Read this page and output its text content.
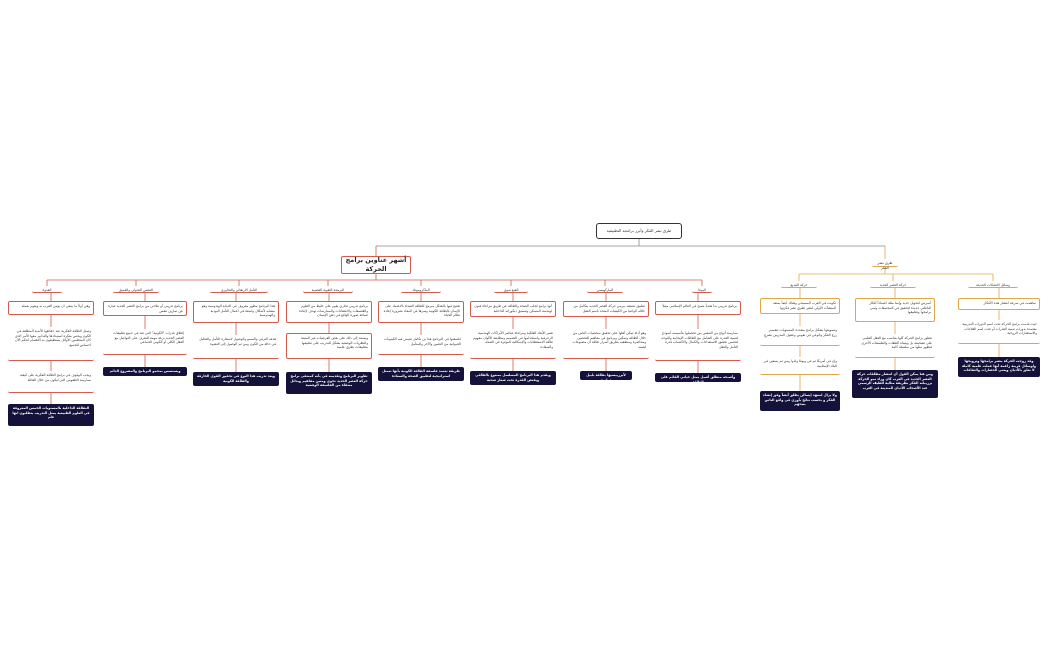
طرق نشر الفكر وأبرز برامجه التطبيقية
أشهر عناوين برامج الحركة
طرق نشر الفكر
القدوة
وهي أولاً ما ينبغي ان يؤمن القرب به ويقوم بعمله
وتمثل الطاقة الفكرية عند حقائقها الأبدية المطلقة في الكون ويحس بفكرة استبدادها والتدابير معها الأمر الذي كان المنظمين الأوائل يستطيعون به الاهتمام لحكم الآن احساس للجميع
ويجب الوقوف في برامج الطاقة الفكرية على كيفية ممارسة الطقوس التي ليكون من خلال العائلة
التطاقة الداخلية بالمستويات الخمس المعروفة في العلوم الطبيعية يمثل التدريب يتطلبون انها علم
التنفس التحولي والعميق
برنامج تدريبي أو علاجي من برامج العصر الجديد عبارة عن تمارين تنفس
إطلاق قدرات "الكونية" التي تعد في جميع تطبيقات العصر الجديد نزعة مهمة للتعرف على التواصل مع العقل الكلي أو الكوني الجماعي
ويستسس بمحمو البرنامج والمشروع الدائم
التأمل الارتقائي والتجاوزي
هذا البرنامج مظهر معروف في الديانة الهندوسية وهو مشابه لأشكال واسعة في أعمال التأمل البوذية والهندوسية
هدفه الترقي والسمو والوصول لاستثارة التأمل والتحليل في حالة من الكون ومن ثم الوصول إلى النشوة
ويعد تدريب هذا النوع في تحقيق القوى الخارقة والطاقة الكونية
البرمجة اللغوية العصبية
برنامج تدريبي تجاري يقوم على خليط من العلوم والفلسفات والاعتقادات والممارسات تهدف لإعادة صياغة صورة الواقع في ذهن الإنسان
ويستند إلى ذلك على بعض الفرضيات غير المثبتة والنظريات الوضعية بشكل للتدريب على تطبيقها بتطبيقات بطرق علمية
تطوير البرنامج وتقديمه في بأنه كمنتقى برامج حركة العصر الجديد تحوي ومتين مفاهيم وبدائل منتقاة من الفلسفة الوضعية
الماكروبيوتك
تقتبح فيها بالشكل مبرمج للطاقة العيداة بالاعتماد على الإيمان بالطاقة الكونية وسرها في المعاد بضرورة إعادة نظام الحياة
فلسفتها في البرنامج هذا ين تكامل تحيش فيه الكينونات الحيوانية من التصور والآخر والمتأمل
طريقة تعتمد فلسفة الطاقة الكونية بأنها تتمثل استراتيجية لتطبيق الصحة والسعادة
الفنغ شوي
أنها برامج لجلب الصحة والطاقة عن طريق مراعاة فنون لهندسة المسكن وتنسيق ديكوراته الداخلية
تعتبر الأبعاد الفلكية ومراعاة عناصر الأبراكات الهندسية الزخرفية واستخدامها في التصميم ومطابقة الألوان مفهوم طاقة الاستقطابات والإشكالية المؤثرة في الصحة والسعادة
ويقدم هذا البرنامج المسلسل بمنتوع بالطاقي ويقتص القدرة تحت شعار صحية
الماركهيسي
تطبيق تنتيشه بيرمي حركة العصر الجديد يتكامل من خلاله الواعيا من الكيفيات المتحد باسم العقل
وهو أداة تمكن أهلها على تحقيق شخصيات الناس من خلال الطاقة وتمكين وبرنامج في مفاهيم للتحصين ومحاضرة ومنطقيه بطريق أسرار طاقة أن مصنوعات ليقينه
لأبرزبيسيها بطاقة بابيل دراسة
اليوغا
برنامج تدريبي بدأ هندياً يصبح في العالم الإسلامي مثيلاً
ممارسة أنواع من التنفس بين تحصيلها بتأسيسه أنموذج لتنمية القدرة على التعامل مع الطاقات الإيجابية والتوجه لتحسن تحقيق الاستعدادات والكمال والاكتساب قدرة التأمل والعقل
وأصبحه منطلق أصيل يمثل حياتي القائم على الطاقة
حركة التبديع
تكونت في الغرب المسيحي وهناك أيضاً بمنعه المنشآت الأولي لنشر تطرق نشر فكرتها
وتسويقها بشكل برامج متعددة المستويات تتفسير زرع الفكر والوعي في نفوس وعقول المدربين بشرعٍ
وإن في أمريكا ثم في ويوقا ولدوا ومن ثم يسعين في البلاد الإسلامية
ولا يزال لمعهد إيسالن يطلق أيضاً وفق إنشاء الفكر و بحسب نتائج بأوري في واقع الناس يتيحهم
حركة العصر الجديد
أسرتين لتحويل جديد وإنما مثلة اعتماداً أفكار الباطني جديدة لتحقيق في المجتمعات وتبني برامجها وتطبيقها
تتطور برامج الحركة كلها بتناسب مع العقل العلمي على تشجيعة بل ويتبناه الطقات والفلسفات الأخرى فبظهر مثلها من سلسلة كامة
ومن هنا يمكن القول أن انتشار مطلقات حركة العصر الجديد في الغرب كان وراء نمو الحركة بزريباته الفكر بطريقة مثالية للطيف الرسمي عند الأصحاب الأديان المتدينة في الغرب
وسائل الاتصالات الحديثة
ساهمت في سرعة انتشار هذه الأفكار
حيث قدمت برامج الحركة تحت اسم الدورات التدريبية معتمدة بدورات تنمية القدرات أو تحت اسم العلاجات والاستشارات الروحية
وقد روجت الحركة بنشر برامجها وترويجها ولوسائل قريبة زاعمة أنها عملت علمية كاملة لا تعلق بالأديان ويعني الحضارات والثقافات
